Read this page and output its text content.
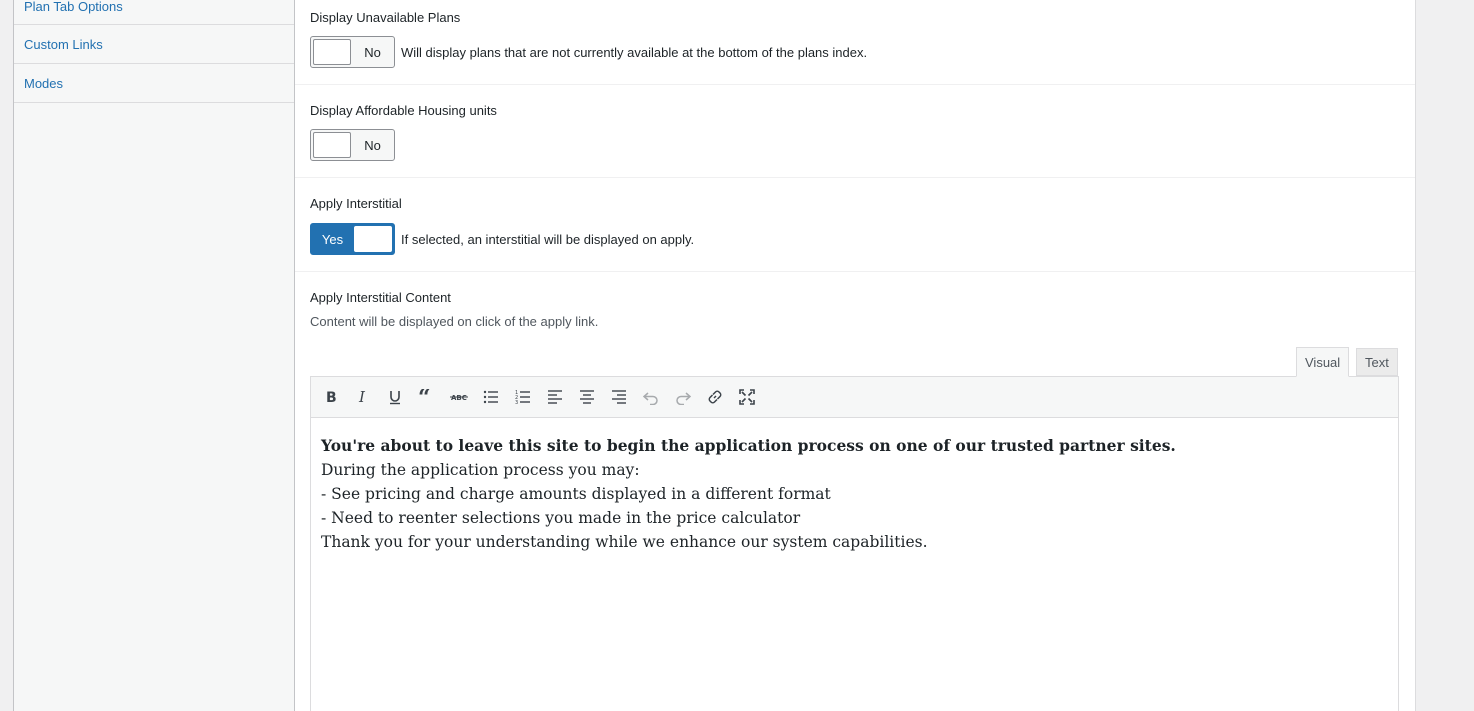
Plan Tab Options
Custom Links
Modes
Display Unavailable Plans
No	Will display plans that are not currently available at the bottom of the plans index.
Display Affordable Housing units
No
Apply Interstitial
Yes	If selected, an interstitial will be displayed on apply.
Apply Interstitial Content
Content will be displayed on click of the apply link.
Visual	Text
B I “	ABC
1
2
3
You're about to leave this site to begin the application process on one of our trusted partner sites.
During the application process you may:
- See pricing and charge amounts displayed in a different format
- Need to reenter selections you made in the price calculator
Thank you for your understanding while we enhance our system capabilities.
